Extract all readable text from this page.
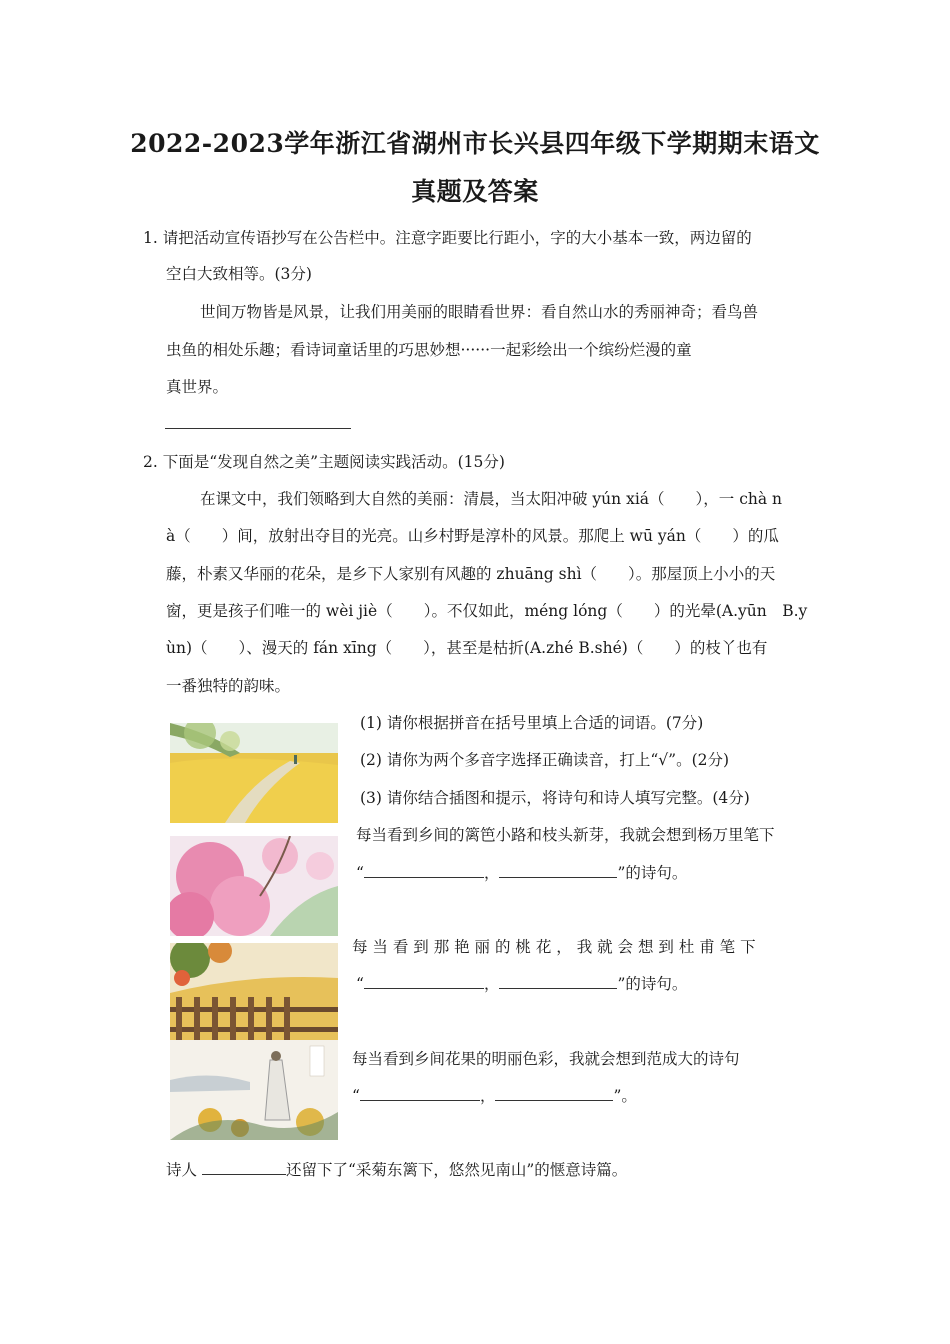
2022-2023学年浙江省湖州市长兴县四年级下学期期末语文
真题及答案
1. 请把活动宣传语抄写在公告栏中。注意字距要比行距小，字的大小基本一致，两边留的
空白大致相等。(3分)
世间万物皆是风景，让我们用美丽的眼睛看世界：看自然山水的秀丽神奇；看鸟兽
虫鱼的相处乐趣；看诗词童话里的巧思妙想······一起彩绘出一个缤纷烂漫的童
真世界。
2. 下面是“发现自然之美”主题阅读实践活动。(15分)
在课文中，我们领略到大自然的美丽：清晨，当太阳冲破 yún xiá（　　），一 chà n
à（　　）间，放射出夺目的光亮。山乡村野是淳朴的风景。那爬上 wū yán（　　）的瓜
藤，朴素又华丽的花朵，是乡下人家别有风趣的 zhuāng shì（　　）。那屋顶上小小的天
窗，更是孩子们唯一的 wèi jiè（　　）。不仅如此，méng lóng（　　）的光晕(A.yūn　B.y
ùn)（　　）、漫天的 fán xīng（　　），甚至是枯折(A.zhé B.shé)（　　）的枝丫也有
一番独特的韵味。
(1) 请你根据拼音在括号里填上合适的词语。(7分)
(2) 请你为两个多音字选择正确读音，打上“√”。(2分)
(3) 请你结合插图和提示，将诗句和诗人填写完整。(4分)
每当看到乡间的篱笆小路和枝头新芽，我就会想到杨万里笔下
“	，	”的诗句。
每 当 看 到 那 艳 丽 的 桃 花 ， 我 就 会 想 到 杜 甫 笔 下
“	，	”的诗句。
每当看到乡间花果的明丽色彩，我就会想到范成大的诗句
“	，	”。
诗人	还留下了“采菊东篱下，悠然见南山”的惬意诗篇。
